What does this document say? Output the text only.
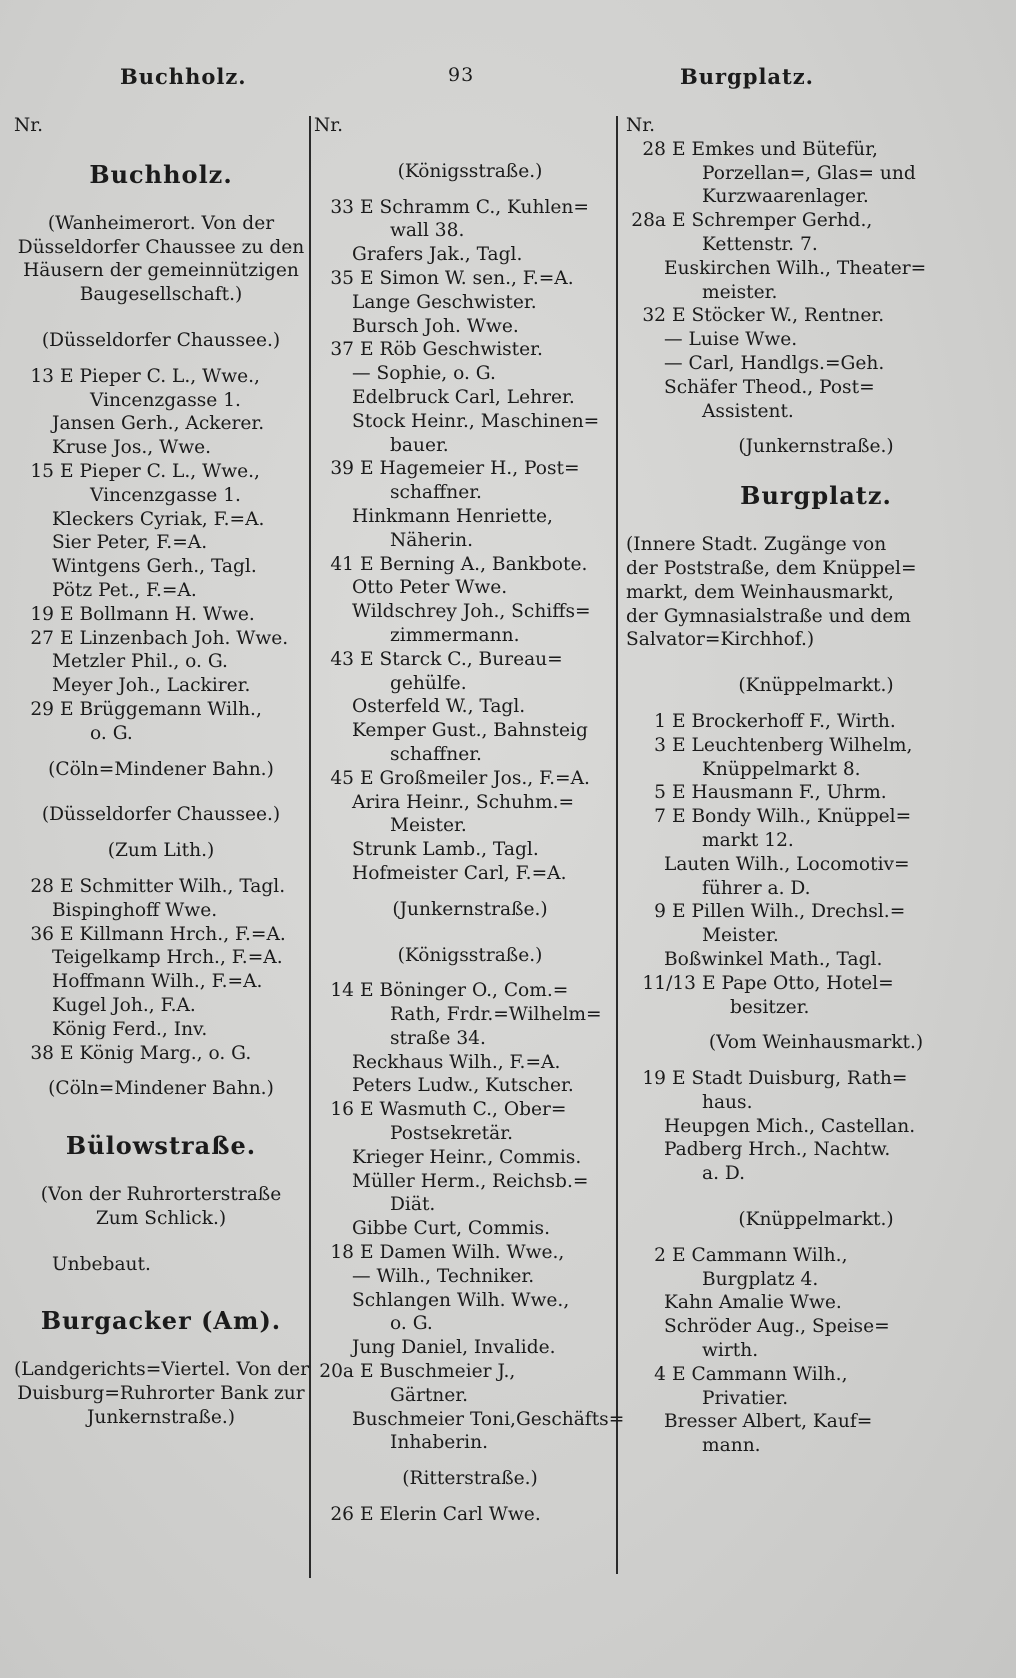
Buchholz.	93	Burgplatz.
Nr.
Buchholz.
(Wanheimerort. Von der
Düsseldorfer Chaussee zu den
Häusern der gemeinnützigen
Baugesellschaft.)
(Düsseldorfer Chaussee.)
13 E Pieper C. L., Wwe.,
Vincenzgasse 1.
Jansen Gerh., Ackerer.
Kruse Jos., Wwe.
15 E Pieper C. L., Wwe.,
Vincenzgasse 1.
Kleckers Cyriak, F.=A.
Sier Peter, F.=A.
Wintgens Gerh., Tagl.
Pötz Pet., F.=A.
19 E Bollmann H. Wwe.
27 E Linzenbach Joh. Wwe.
Metzler Phil., o. G.
Meyer Joh., Lackirer.
29 E Brüggemann Wilh.,
o. G.
(Cöln=Mindener Bahn.)
(Düsseldorfer Chaussee.)
(Zum Lith.)
28 E Schmitter Wilh., Tagl.
Bispinghoff Wwe.
36 E Killmann Hrch., F.=A.
Teigelkamp Hrch., F.=A.
Hoffmann Wilh., F.=A.
Kugel Joh., F.A.
König Ferd., Inv.
38 E König Marg., o. G.
(Cöln=Mindener Bahn.)
Bülowstraße.
(Von der Ruhrorterstraße
Zum Schlick.)
Unbebaut.
Burgacker (Am).
(Landgerichts=Viertel. Von der
Duisburg=Ruhrorter Bank zur
Junkernstraße.)
Nr.
(Königsstraße.)
33 E Schramm C., Kuhlen=
wall 38.
Grafers Jak., Tagl.
35 E Simon W. sen., F.=A.
Lange Geschwister.
Bursch Joh. Wwe.
37 E Röb Geschwister.
— Sophie, o. G.
Edelbruck Carl, Lehrer.
Stock Heinr., Maschinen=
bauer.
39 E Hagemeier H., Post=
schaffner.
Hinkmann Henriette,
Näherin.
41 E Berning A., Bankbote.
Otto Peter Wwe.
Wildschrey Joh., Schiffs=
zimmermann.
43 E Starck C., Bureau=
gehülfe.
Osterfeld W., Tagl.
Kemper Gust., Bahnsteig
schaffner.
45 E Großmeiler Jos., F.=A.
Arira Heinr., Schuhm.=
Meister.
Strunk Lamb., Tagl.
Hofmeister Carl, F.=A.
(Junkernstraße.)
(Königsstraße.)
14 E Böninger O., Com.=
Rath, Frdr.=Wilhelm=
straße 34.
Reckhaus Wilh., F.=A.
Peters Ludw., Kutscher.
16 E Wasmuth C., Ober=
Postsekretär.
Krieger Heinr., Commis.
Müller Herm., Reichsb.=
Diät.
Gibbe Curt, Commis.
18 E Damen Wilh. Wwe.,
— Wilh., Techniker.
Schlangen Wilh. Wwe.,
o. G.
Jung Daniel, Invalide.
20a E Buschmeier J.,
Gärtner.
Buschmeier Toni,Geschäfts=
Inhaberin.
(Ritterstraße.)
26 E Elerin Carl Wwe.
Nr.
28 E Emkes und Bütefür,
Porzellan=, Glas= und
Kurzwaarenlager.
28a E Schremper Gerhd.,
Kettenstr. 7.
Euskirchen Wilh., Theater=
meister.
32 E Stöcker W., Rentner.
— Luise Wwe.
— Carl, Handlgs.=Geh.
Schäfer Theod., Post=
Assistent.
(Junkernstraße.)
Burgplatz.
(Innere Stadt. Zugänge von
der Poststraße, dem Knüppel=
markt, dem Weinhausmarkt,
der Gymnasialstraße und dem
Salvator=Kirchhof.)
(Knüppelmarkt.)
1 E Brockerhoff F., Wirth.
3 E Leuchtenberg Wilhelm,
Knüppelmarkt 8.
5 E Hausmann F., Uhrm.
7 E Bondy Wilh., Knüppel=
markt 12.
Lauten Wilh., Locomotiv=
führer a. D.
9 E Pillen Wilh., Drechsl.=
Meister.
Boßwinkel Math., Tagl.
11/13 E Pape Otto, Hotel=
besitzer.
(Vom Weinhausmarkt.)
19 E Stadt Duisburg, Rath=
haus.
Heupgen Mich., Castellan.
Padberg Hrch., Nachtw.
a. D.
(Knüppelmarkt.)
2 E Cammann Wilh.,
Burgplatz 4.
Kahn Amalie Wwe.
Schröder Aug., Speise=
wirth.
4 E Cammann Wilh.,
Privatier.
Bresser Albert, Kauf=
mann.
